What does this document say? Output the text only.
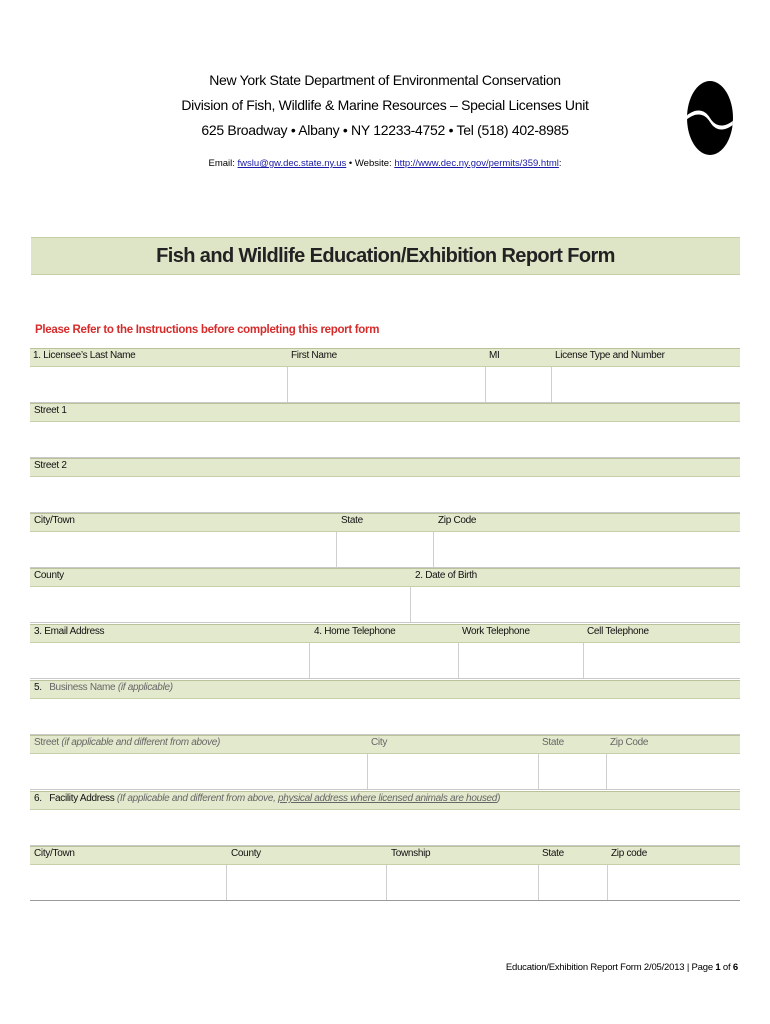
New York State Department of Environmental Conservation
Division of Fish, Wildlife & Marine Resources – Special Licenses Unit
625 Broadway • Albany • NY 12233-4752 • Tel (518) 402-8985
Email: fwslu@gw.dec.state.ny.us • Website: http://www.dec.ny.gov/permits/359.html:
Fish and Wildlife Education/Exhibition Report Form
Please Refer to the Instructions before completing this report form
1. Licensee’s Last Name	First Name	MI	License Type and Number
Street 1
Street 2
City/Town	State	Zip Code
County	2. Date of Birth
3. Email Address	4. Home Telephone	Work Telephone	Cell Telephone
5. Business Name (if applicable)
Street (if applicable and different from above)	City	State	Zip Code
6. Facility Address (If applicable and different from above, physical address where licensed animals are housed)
City/Town	County	Township	State	Zip code
Education/Exhibition Report Form 2/05/2013 | Page 1 of 6
